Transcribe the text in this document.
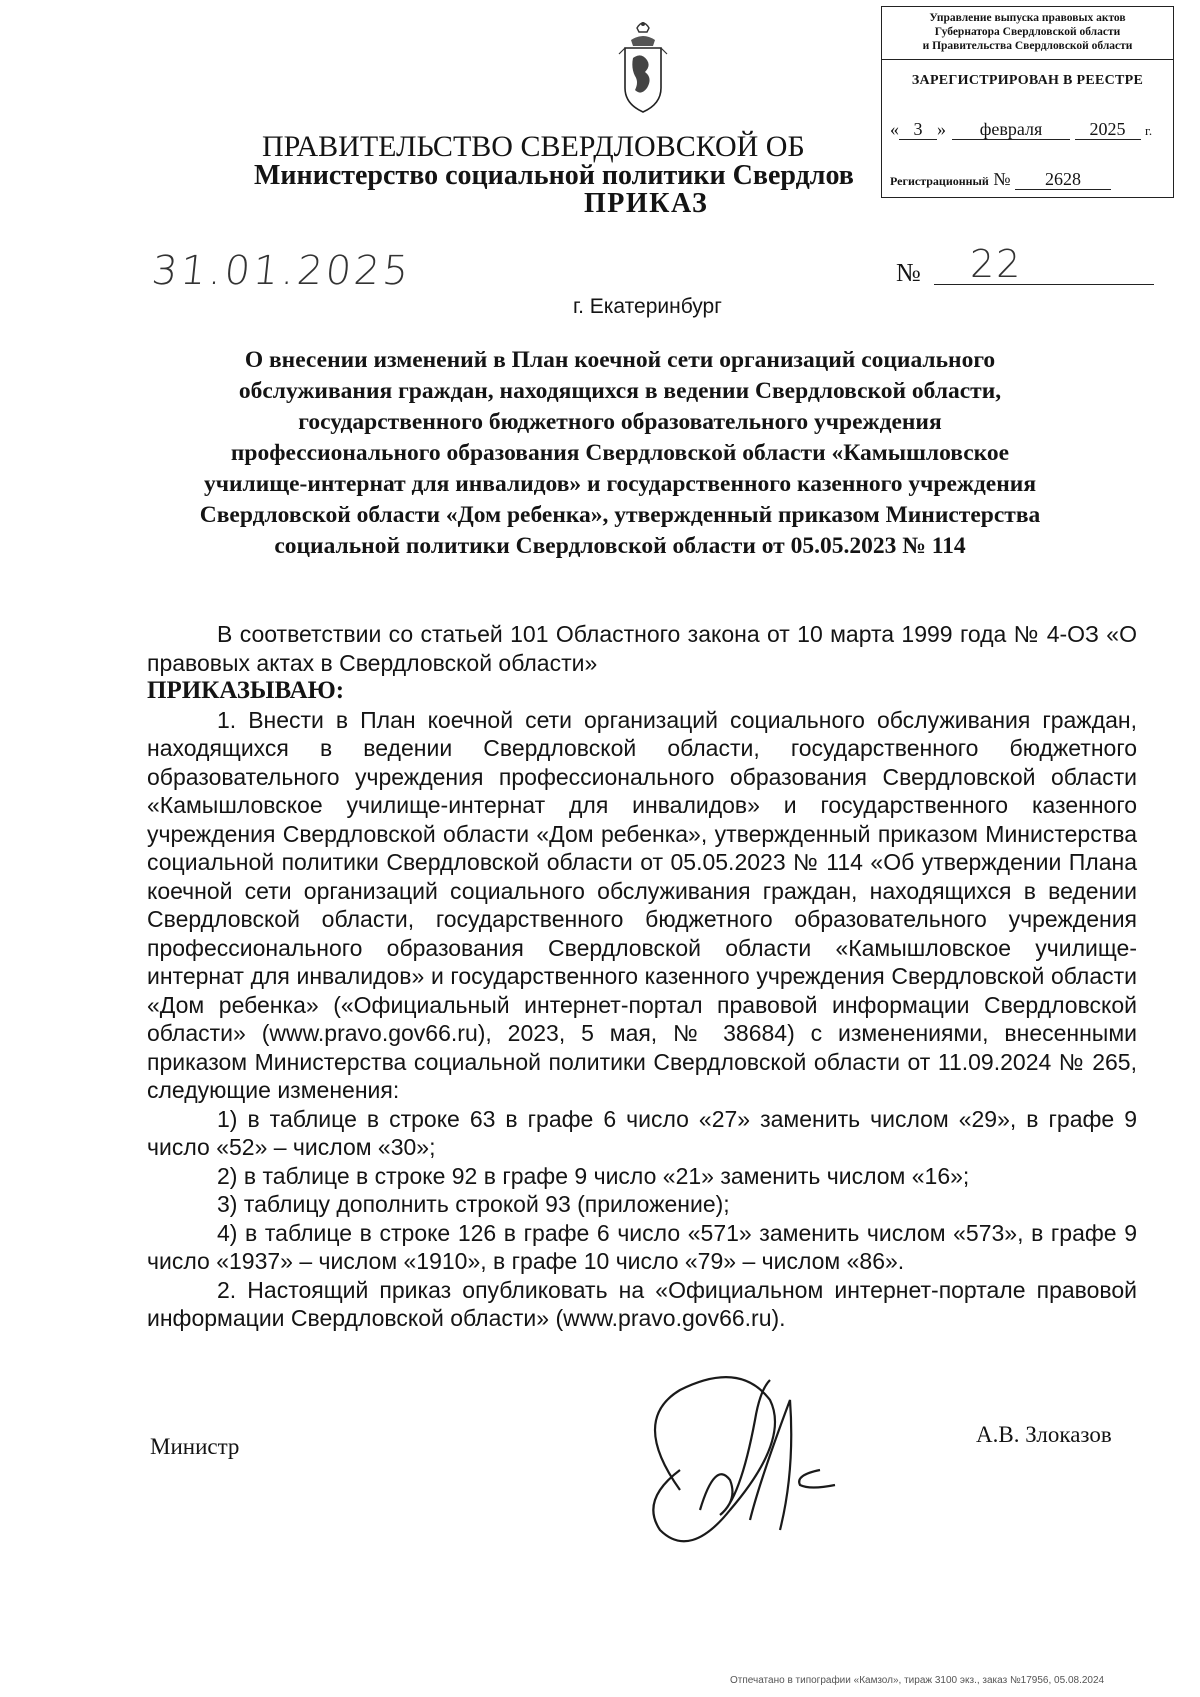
Управление выпуска правовых актов
Губернатора Свердловской области
и Правительства Свердловской области
ЗАРЕГИСТРИРОВАН В РЕЕСТРЕ
« 3 » февраля	2025 г.
Регистрационный № 2628
ПРАВИТЕЛЬСТВО СВЕРДЛОВСКОЙ ОБ
Министерство социальной политики Свердлов
ПРИКАЗ
31.01.2025	№ 22
г. Екатеринбург
О внесении изменений в План коечной сети организаций социального
обслуживания граждан, находящихся в ведении Свердловской области,
государственного бюджетного образовательного учреждения
профессионального образования Свердловской области «Камышловское
училище-интернат для инвалидов» и государственного казенного учреждения
Свердловской области «Дом ребенка», утвержденный приказом Министерства
социальной политики Свердловской области от 05.05.2023 № 114

В соответствии со статьей 101 Областного закона от 10 марта 1999 года № 4-ОЗ «О правовых актах в Свердловской области»

ПРИКАЗЫВАЮ:

1. Внести в План коечной сети организаций социального обслуживания граждан, находящихся в ведении Свердловской области, государственного бюджетного образовательного учреждения профессионального образования Свердловской области «Камышловское училище-интернат для инвалидов» и государственного казенного учреждения Свердловской области «Дом ребенка», утвержденный приказом Министерства социальной политики Свердловской области от 05.05.2023 № 114 «Об утверждении Плана коечной сети организаций социального обслуживания граждан, находящихся в ведении Свердловской области, государственного бюджетного образовательного учреждения профессионального образования Свердловской области «Камышловское училище-интернат для инвалидов» и государственного казенного учреждения Свердловской области «Дом ребенка» («Официальный интернет-портал правовой информации Свердловской области» (www.pravo.gov66.ru), 2023, 5 мая, № 38684) с изменениями, внесенными приказом Министерства социальной политики Свердловской области от 11.09.2024 № 265, следующие изменения:

1) в таблице в строке 63 в графе 6 число «27» заменить числом «29», в графе 9 число «52» – числом «30»;

2) в таблице в строке 92 в графе 9 число «21» заменить числом «16»;

3) таблицу дополнить строкой 93 (приложение);

4) в таблице в строке 126 в графе 6 число «571» заменить числом «573», в графе 9 число «1937» – числом «1910», в графе 10 число «79» – числом «86».

2. Настоящий приказ опубликовать на «Официальном интернет-портале правовой информации Свердловской области» (www.pravo.gov66.ru).

Министр	А.В. Злоказов
Отпечатано в типографии «Камзол», тираж 3100 экз., заказ №17956, 05.08.2024
